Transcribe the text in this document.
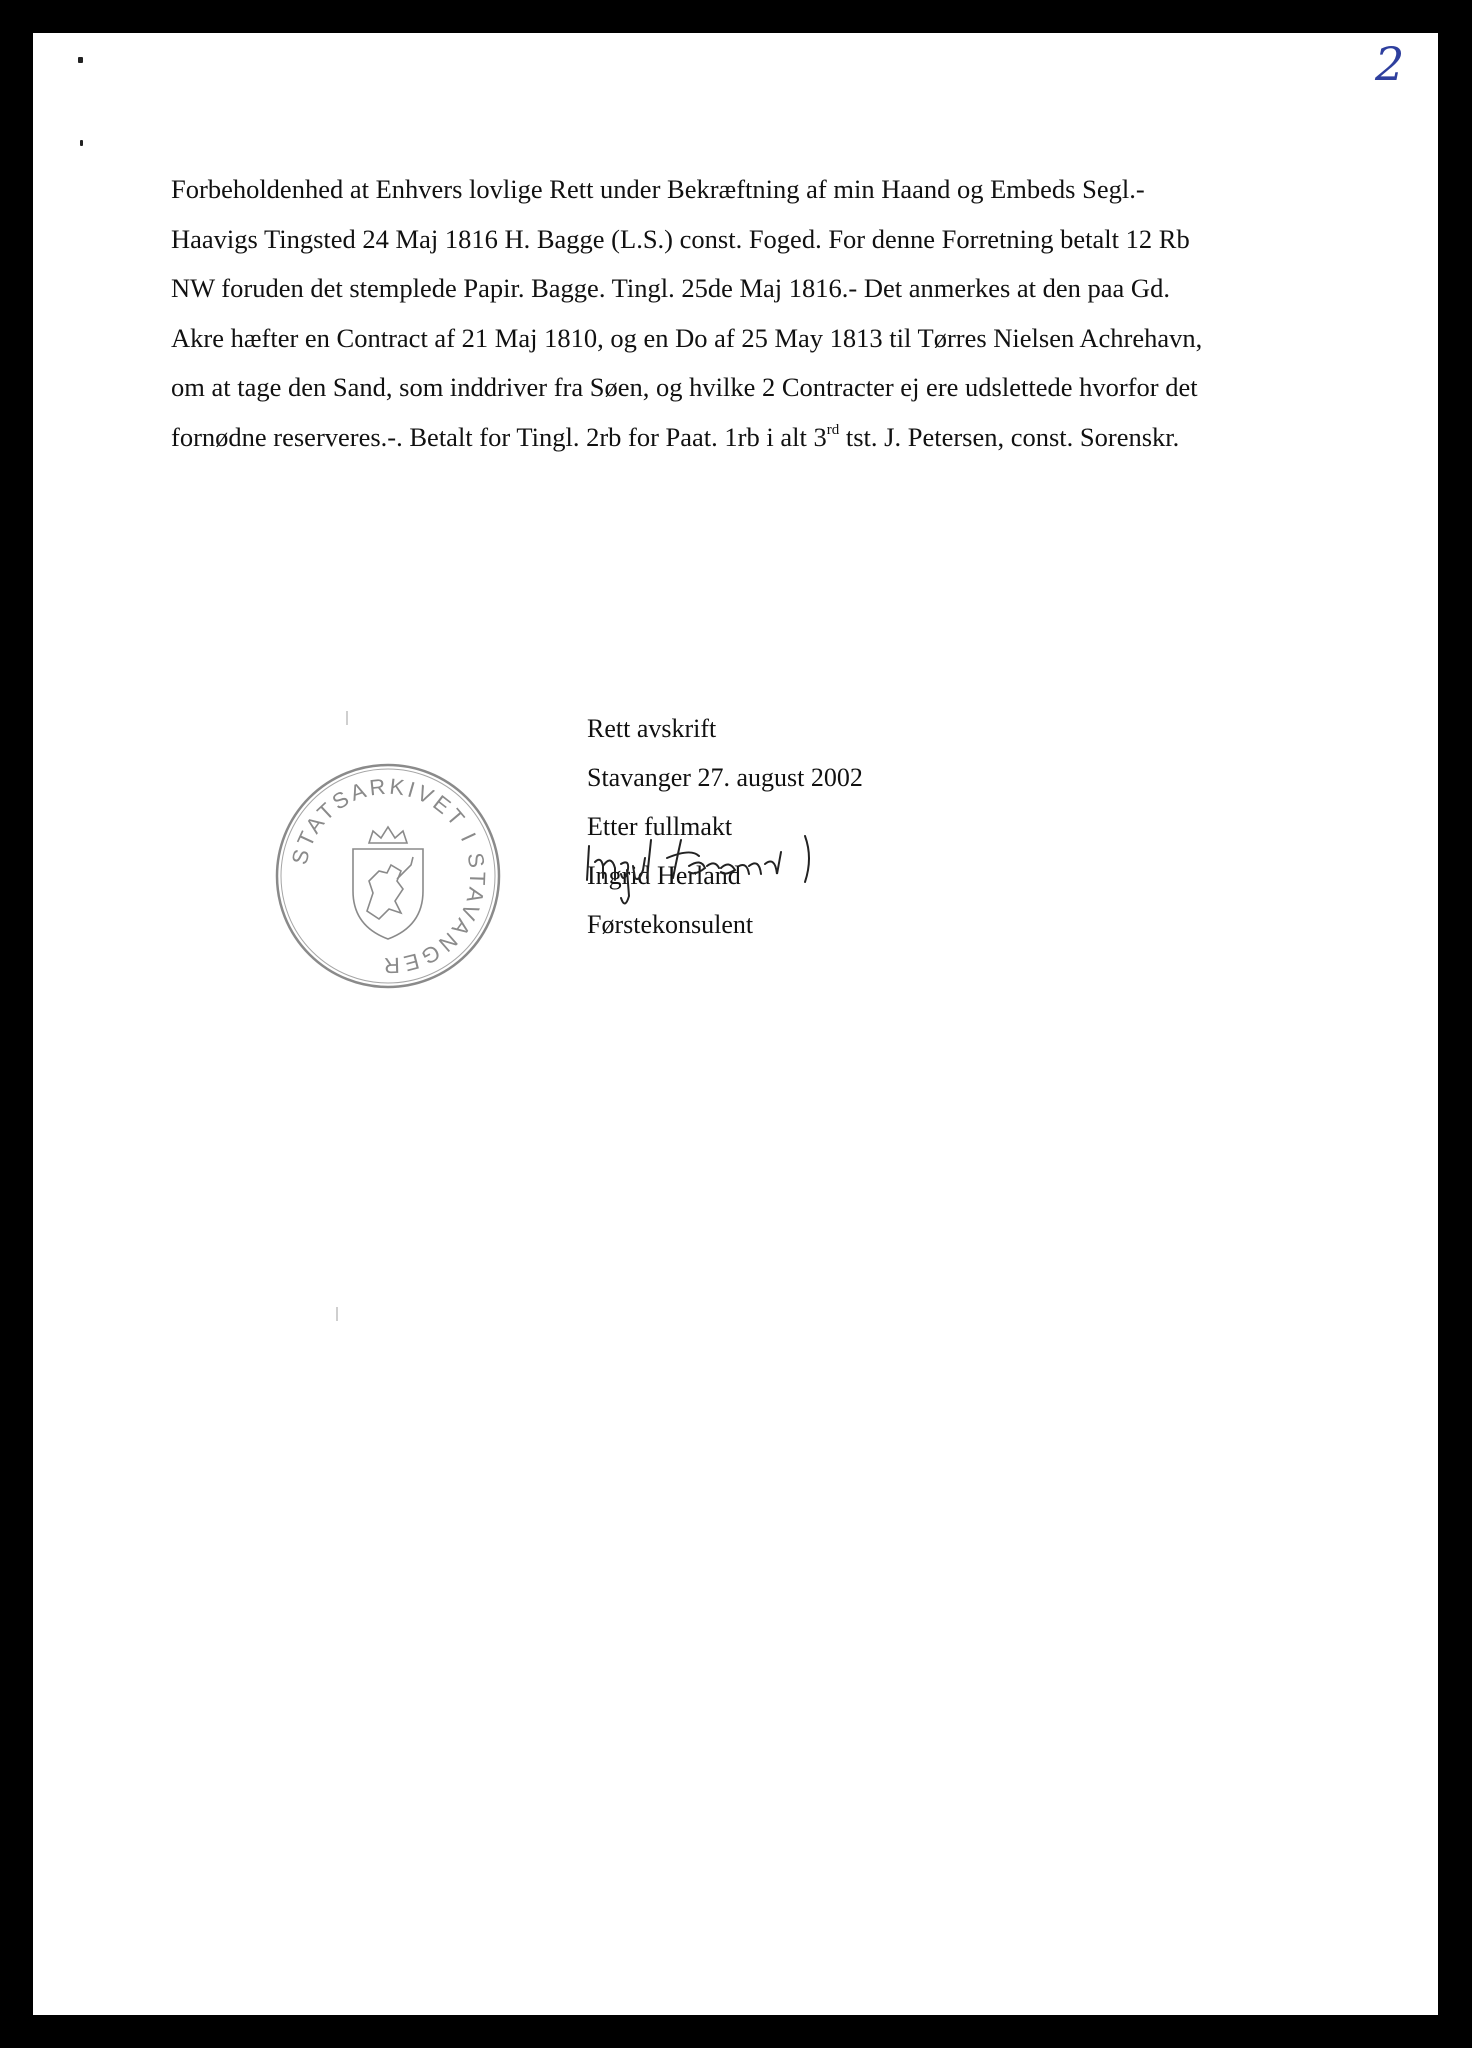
2
Forbeholdenhed at Enhvers lovlige Rett under Bekræftning af min Haand og Embeds Segl.-
Haavigs Tingsted 24 Maj 1816 H. Bagge (L.S.) const. Foged. For denne Forretning betalt 12 Rb
NW foruden det stemplede Papir. Bagge. Tingl. 25de Maj 1816.- Det anmerkes at den paa Gd.
Akre hæfter en Contract af 21 Maj 1810, og en Do af 25 May 1813 til Tørres Nielsen Achrehavn,
om at tage den Sand, som inddriver fra Søen, og hvilke 2 Contracter ej ere udslettede hvorfor det
fornødne reserveres.-. Betalt for Tingl. 2rb for Paat. 1rb i alt 3rd tst. J. Petersen, const. Sorenskr.
STATSARKIVET I STAVANGER
Rett avskrift
Stavanger 27. august 2002
Etter fullmakt
Ingrid Herland
Førstekonsulent
